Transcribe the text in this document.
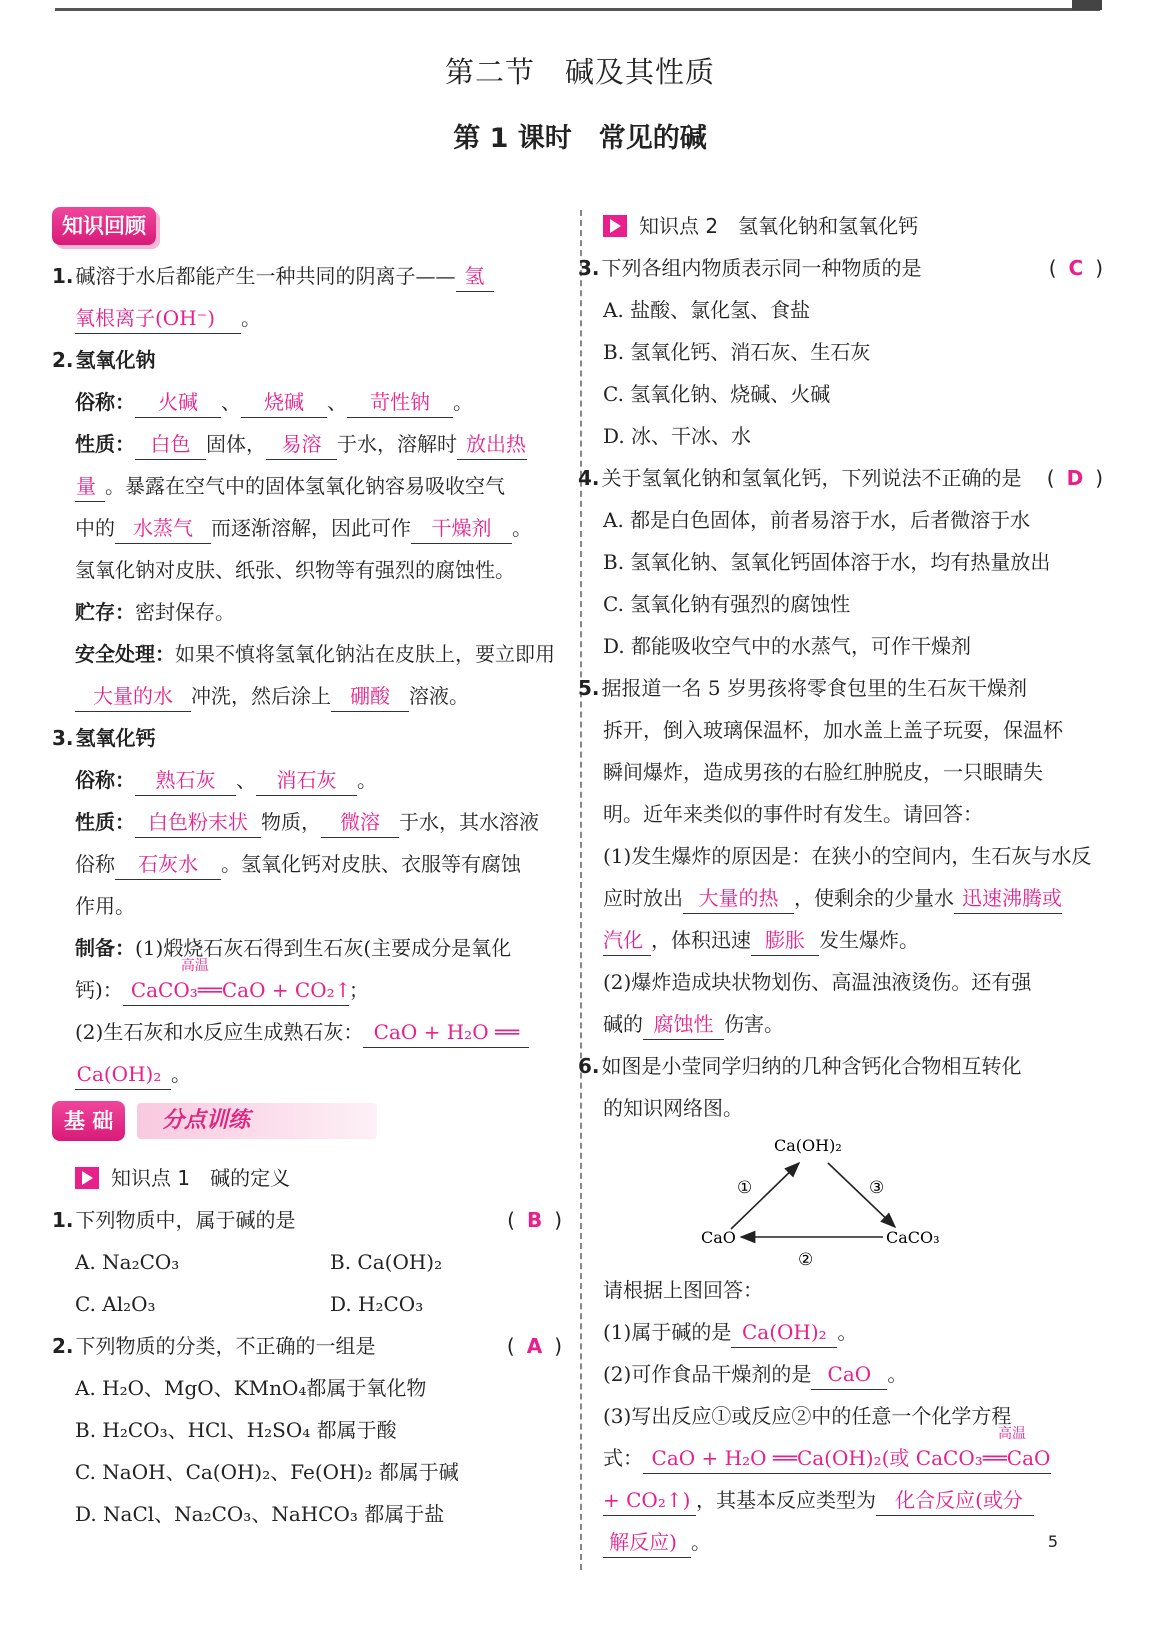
第二节　碱及其性质
第 1 课时　常见的碱
知识回顾
1. 碱溶于水后都能产生一种共同的阴离子—— 氢
氧根离子(OH⁻) 。
2. 氢氧化钠
俗称： 火碱 、 烧碱 、 苛性钠 。
性质： 白色 固体， 易溶 于水，溶解时 放出热
量 。暴露在空气中的固体氢氧化钠容易吸收空气
中的 水蒸气 而逐渐溶解，因此可作 干燥剂 。
氢氧化钠对皮肤、纸张、织物等有强烈的腐蚀性。
贮存：密封保存。
安全处理：如果不慎将氢氧化钠沾在皮肤上，要立即用
大量的水 冲洗，然后涂上 硼酸 溶液。
3. 氢氧化钙
俗称： 熟石灰 、 消石灰 。
性质： 白色粉末状 物质， 微溶 于水，其水溶液
俗称 石灰水 。氢氧化钙对皮肤、衣服等有腐蚀
作用。
制备：(1)煅烧石灰石得到生石灰(主要成分是氧化
钙)： CaCO₃══CaO + CO₂↑
高温
；
(2)生石灰和水反应生成熟石灰： CaO + H₂O ══
Ca(OH)₂ 。
分点训练
基 础
知识点 1　碱的定义
1. 下列物质中，属于碱的是	( B )
A. Na₂CO₃	B. Ca(OH)₂
C. Al₂O₃	D. H₂CO₃
2. 下列物质的分类，不正确的一组是	( A )
A. H₂O、MgO、KMnO₄都属于氧化物
B. H₂CO₃、HCl、H₂SO₄ 都属于酸
C. NaOH、Ca(OH)₂、Fe(OH)₂ 都属于碱
D. NaCl、Na₂CO₃、NaHCO₃ 都属于盐
知识点 2　氢氧化钠和氢氧化钙
3. 下列各组内物质表示同一种物质的是	( C )
A. 盐酸、氯化氢、食盐
B. 氢氧化钙、消石灰、生石灰
C. 氢氧化钠、烧碱、火碱
D. 冰、干冰、水
4. 关于氢氧化钠和氢氧化钙，下列说法不正确的是 ( D )
A. 都是白色固体，前者易溶于水，后者微溶于水
B. 氢氧化钠、氢氧化钙固体溶于水，均有热量放出
C. 氢氧化钠有强烈的腐蚀性
D. 都能吸收空气中的水蒸气，可作干燥剂
5. 据报道一名 5 岁男孩将零食包里的生石灰干燥剂
拆开，倒入玻璃保温杯，加水盖上盖子玩耍，保温杯
瞬间爆炸，造成男孩的右脸红肿脱皮，一只眼睛失
明。近年来类似的事件时有发生。请回答：
(1)发生爆炸的原因是：在狭小的空间内，生石灰与水反
应时放出 大量的热 ，使剩余的少量水 迅速沸腾或
汽化 ，体积迅速 膨胀 发生爆炸。
(2)爆炸造成块状物划伤、高温浊液烫伤。还有强
碱的 腐蚀性 伤害。
6. 如图是小莹同学归纳的几种含钙化合物相互转化
的知识网络图。
Ca(OH)₂
CaO	CaCO₃
①
②
③
请根据上图回答：
(1)属于碱的是 Ca(OH)₂ 。
(2)可作食品干燥剂的是 CaO 。
(3)写出反应①或反应②中的任意一个化学方程
式： CaO + H₂O ══Ca(OH)₂(或 CaCO₃══CaO
高温
+ CO₂↑) ，其基本反应类型为 化合反应(或分
解反应) 。	5
